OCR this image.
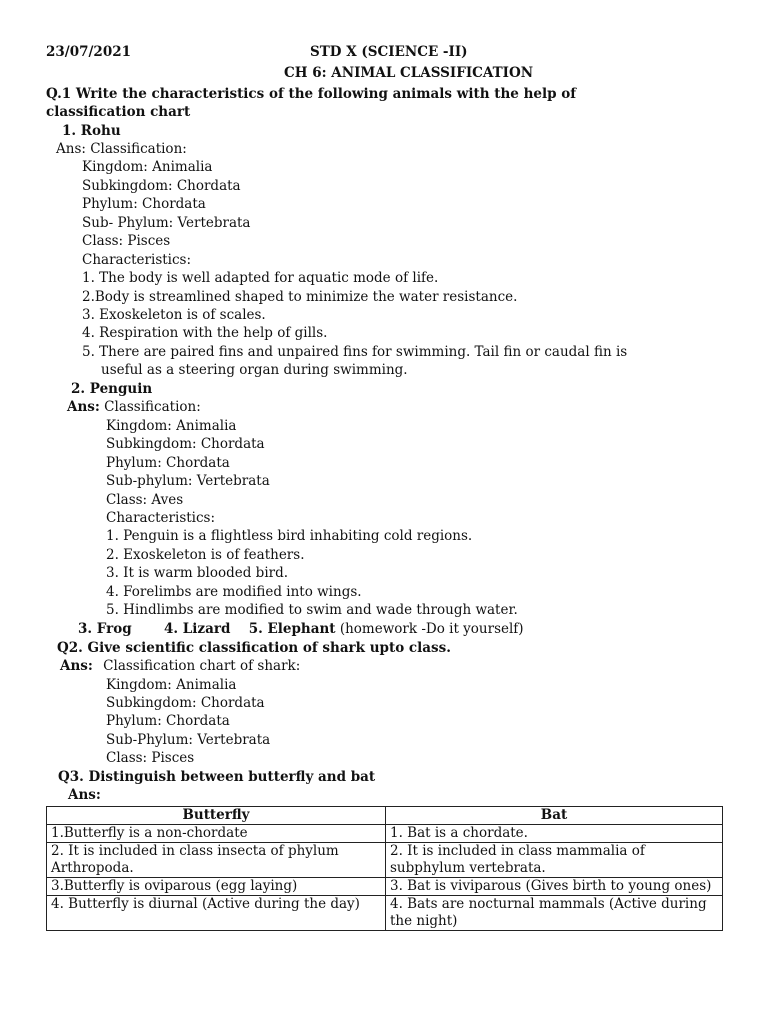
23/07/2021	STD X (SCIENCE -II)
CH 6: ANIMAL CLASSIFICATION
Q.1 Write the characteristics of the following animals with the help of
classification chart
1. Rohu
Ans: Classification:
Kingdom: Animalia
Subkingdom: Chordata
Phylum: Chordata
Sub- Phylum: Vertebrata
Class: Pisces
Characteristics:
1. The body is well adapted for aquatic mode of life.
2.Body is streamlined shaped to minimize the water resistance.
3. Exoskeleton is of scales.
4. Respiration with the help of gills.
5. There are paired fins and unpaired fins for swimming. Tail fin or caudal fin is
useful as a steering organ during swimming.
2. Penguin
Ans: Classification:
Kingdom: Animalia
Subkingdom: Chordata
Phylum: Chordata
Sub-phylum: Vertebrata
Class: Aves
Characteristics:
1. Penguin is a flightless bird inhabiting cold regions.
2. Exoskeleton is of feathers.
3. It is warm blooded bird.
4. Forelimbs are modified into wings.
5. Hindlimbs are modified to swim and wade through water.
3. Frog 4. Lizard 5. Elephant (homework -Do it yourself)
Q2. Give scientific classification of shark upto class.
Ans: Classification chart of shark:
Kingdom: Animalia
Subkingdom: Chordata
Phylum: Chordata
Sub-Phylum: Vertebrata
Class: Pisces
Q3. Distinguish between butterfly and bat
Ans:
Butterfly	Bat
1.Butterfly is a non-chordate	1. Bat is a chordate.
2. It is included in class insecta of phylum Arthropoda.	2. It is included in class mammalia of subphylum vertebrata.
3.Butterfly is oviparous (egg laying)	3. Bat is viviparous (Gives birth to young ones)
4. Butterfly is diurnal (Active during the day)	4. Bats are nocturnal mammals (Active during the night)
